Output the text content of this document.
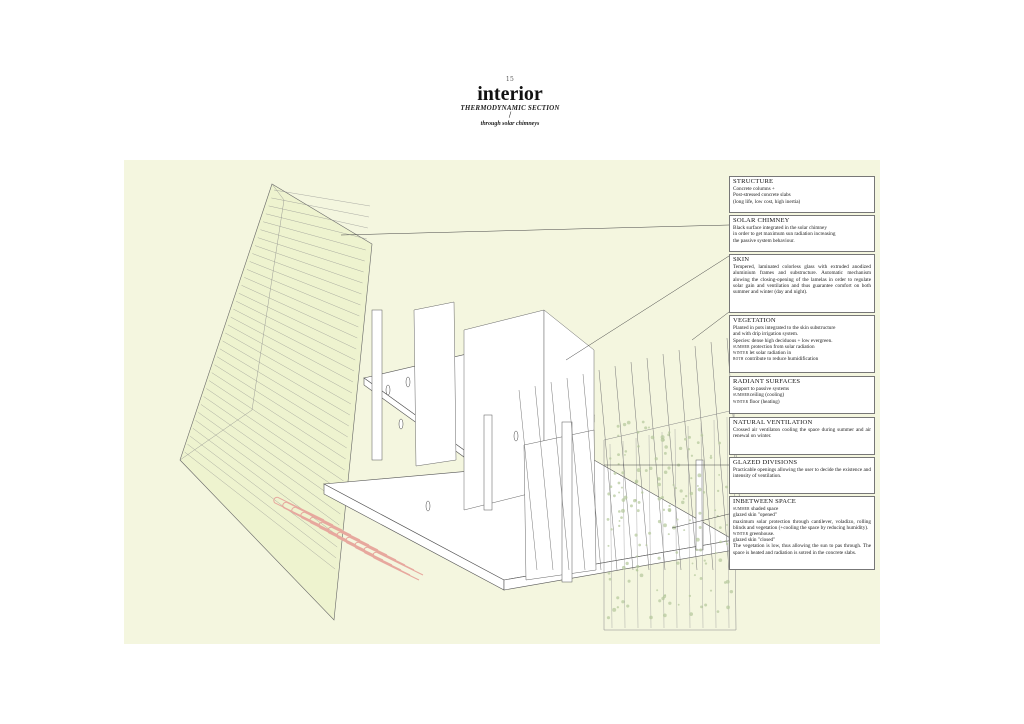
15
interior
THERMODYNAMIC SECTION
/
through solar chimneys
STRUCTURE

Concrete columns +

Post-stressed concrete slabs

(long life, low cost, high inertia)

SOLAR CHIMNEY

Black surface integrated in the solar chimney

in order to get maximum sun radiation increasing

the passive system behaviour.

SKIN

Tempered, laminated colorless glass with extruded anodized aluminium frames and substructure. Automatic mechanism alowing the closing-opening of the lamelas in order to regulate solar gain and ventilation and thus guarantee comfort on both summer and winter (day and night).

VEGETATION

Planted in pots integrated to the skin substructure

and with drip irrigation system.

Species: dense high deciduous + low evergreen.

$^{SUMMER}$ protection from solar radiation

$^{WINTER}$ let solar radiation in

$^{BOTH}$ contribute to reduce humidification

RADIANT SURFACES

Support to passive systems

$^{SUMMER}$ceiling (cooling)

$^{WINTER}$ floor (heating)

NATURAL VENTILATION

Crossed air ventilaton cooling the space during summer and air renewal on winter.

GLAZED DIVISIONS

Practicable openings allowing the user to decide the existence and intensity of ventilation.

INBETWEEN SPACE

$^{SUMMER}$ shaded space

glazed skin "opened"

maximum solar protection through cantilever, voladizo, rolling blinds and vegetation (+cooling the space by reducing humidity).

$^{WINTER}$ greenhouse.

glazed skin "closed"

The vegetation is low, thus allowing the sun to pas through. The space is heated and radiation is sotred in the concrete slabs.
